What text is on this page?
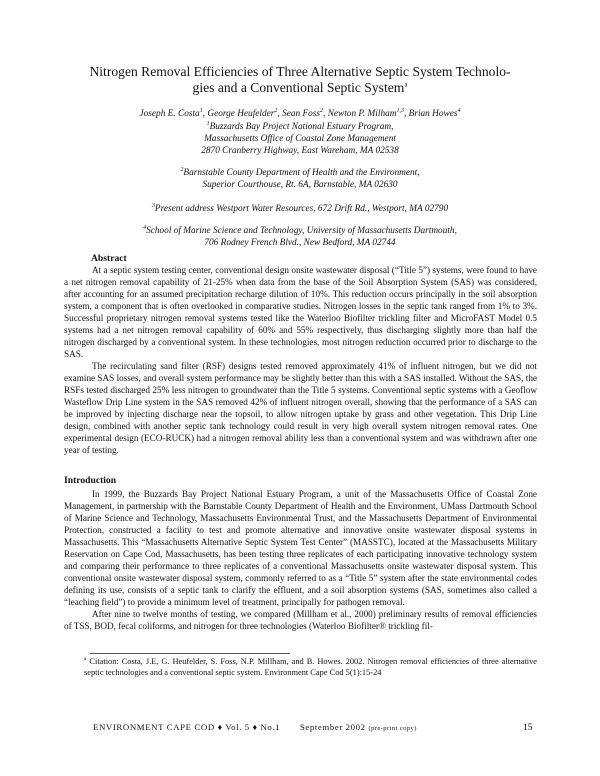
Nitrogen Removal Efficiencies of Three Alternative Septic System Technolo-
gies and a Conventional Septic System$^a$
Joseph E. Costa$^1$, George Heufelder$^2$, Sean Foss$^2$, Newton P. Milham$^{1,3}$, Brian Howes$^4$
$^1$Buzzards Bay Project National Estuary Program,
Massachusetts Office of Coastal Zone Management
2870 Cranberry Highway, East Wareham, MA 02538
$^2$Barnstable County Department of Health and the Environment,
Superior Courthouse, Rt. 6A, Barnstable, MA 02630
$^3$Present address Westport Water Resources, 672 Drift Rd., Westport, MA 02790
$^4$School of Marine Science and Technology, University of Massachusetts Dartmouth,
706 Rodney French Blvd., New Bedford, MA 02744
Abstract

At a septic system testing center, conventional design onsite wastewater disposal (“Title 5”) systems, were found to have a net nitrogen removal capability of 21-25% when data from the base of the Soil Absorption System (SAS) was considered, after accounting for an assumed precipitation recharge dilution of 10%. This reduction occurs principally in the soil absorption system, a component that is often overlooked in comparative studies. Nitrogen losses in the septic tank ranged from 1% to 3%. Successful proprietary nitrogen removal systems tested like the Waterloo Biofilter trickling filter and MicroFAST Model 0.5 systems had a net nitrogen removal capability of 60% and 55% respectively, thus discharging slightly more than half the nitrogen discharged by a conventional system. In these technologies, most nitrogen reduction occurred prior to discharge to the SAS.

The recirculating sand filter (RSF) designs tested removed approximately 41% of influent nitrogen, but we did not examine SAS losses, and overall system performance may be slightly better than this with a SAS installed. Without the SAS, the RSFs tested discharged 25% less nitrogen to groundwater than the Title 5 systems. Conventional septic systems with a Geoflow Wasteflow Drip Line system in the SAS removed 42% of influent nitrogen overall, showing that the performance of a SAS can be improved by injecting discharge near the topsoil, to allow nitrogen uptake by grass and other vegetation. This Drip Line design, combined with another septic tank technology could result in very high overall system nitrogen removal rates. One experimental design (ECO-RUCK) had a nitrogen removal ability less than a conventional system and was withdrawn after one year of testing.

Introduction

In 1999, the Buzzards Bay Project National Estuary Program, a unit of the Massachusetts Office of Coastal Zone Management, in partnership with the Barnstable County Department of Health and the Environment, UMass Dartmouth School of Marine Science and Technology, Massachusetts Environmental Trust, and the Massachusetts Department of Environmental Protection, constructed a facility to test and promote alternative and innovative onsite wastewater disposal systems in Massachusetts. This “Massachusetts Alternative Septic System Test Center” (MASSTC), located at the Massachusetts Military Reservation on Cape Cod, Massachusetts, has been testing three replicates of each participating innovative technology system and comparing their performance to three replicates of a conventional Massachusetts onsite wastewater disposal system. This conventional onsite wastewater disposal system, commonly referred to as a “Title 5” system after the state environmental codes defining its use, consists of a septic tank to clarify the effluent, and a soil absorption systems (SAS, sometimes also called a “leaching field”) to provide a minimum level of treatment, principally for pathogen removal.

After nine to twelve months of testing, we compared (Millham et al., 2000) preliminary results of removal efficiencies of TSS, BOD, fecal coliforms, and nitrogen for three technologies (Waterloo Biofilter® trickling fil-

$^a$ Citation: Costa, J.E, G. Heufelder, S. Foss, N.P. Millham, and B. Howes. 2002. Nitrogen removal efficiencies of three alternative septic technologies and a conventional septic system. Environment Cape Cod 5(1):15-24

ENVIRONMENT CAPE COD ♦ Vol. 5 ♦ No.1 September 2002 (pre-print copy)	15
